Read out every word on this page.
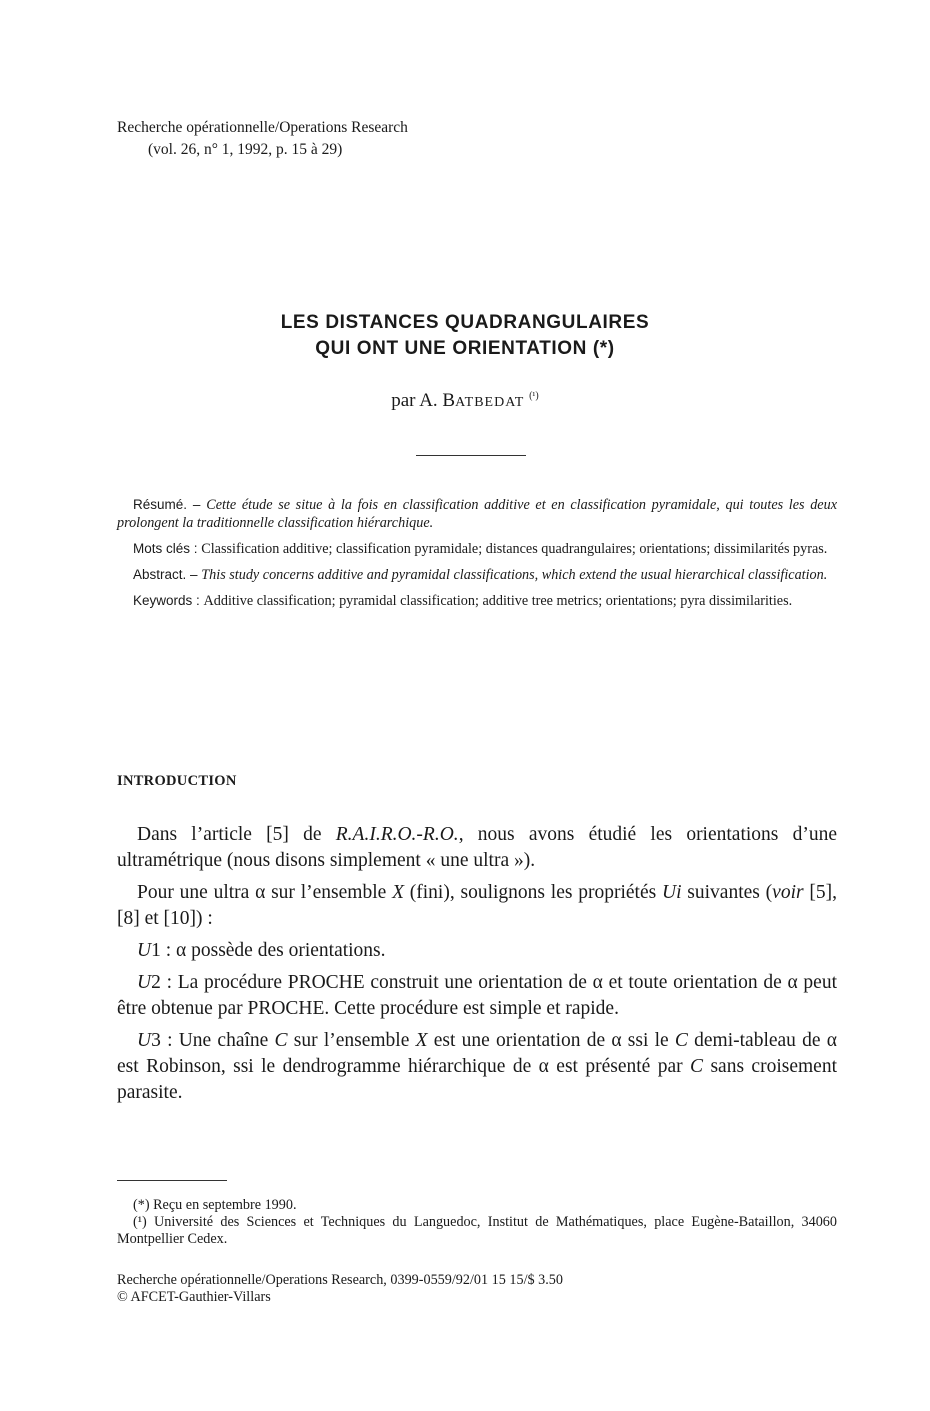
Recherche opérationnelle/Operations Research
(vol. 26, n° 1, 1992, p. 15 à 29)
LES DISTANCES QUADRANGULAIRES
QUI ONT UNE ORIENTATION (*)
par A. BATBEDAT $^{(^1)}$

Résumé. – Cette étude se situe à la fois en classification additive et en classification pyramidale, qui toutes les deux prolongent la traditionnelle classification hiérarchique.

Mots clés : Classification additive; classification pyramidale; distances quadrangulaires; orientations; dissimilarités pyras.

Abstract. – This study concerns additive and pyramidal classifications, which extend the usual hierarchical classification.

Keywords : Additive classification; pyramidal classification; additive tree metrics; orientations; pyra dissimilarities.

INTRODUCTION

Dans l’article [5] de R.A.I.R.O.-R.O., nous avons étudié les orientations d’une ultramétrique (nous disons simplement « une ultra »).

Pour une ultra α sur l’ensemble X (fini), soulignons les propriétés Ui suivantes (voir [5], [8] et [10]) :

U1 : α possède des orientations.

U2 : La procédure PROCHE construit une orientation de α et toute orientation de α peut être obtenue par PROCHE. Cette procédure est simple et rapide.

U3 : Une chaîne C sur l’ensemble X est une orientation de α ssi le C demi-tableau de α est Robinson, ssi le dendrogramme hiérarchique de α est présenté par C sans croisement parasite.

(*) Reçu en septembre 1990.

(¹) Université des Sciences et Techniques du Languedoc, Institut de Mathématiques, place Eugène-Bataillon, 34060 Montpellier Cedex.

Recherche opérationnelle/Operations Research, 0399-0559/92/01 15 15/$ 3.50
© AFCET-Gauthier-Villars
